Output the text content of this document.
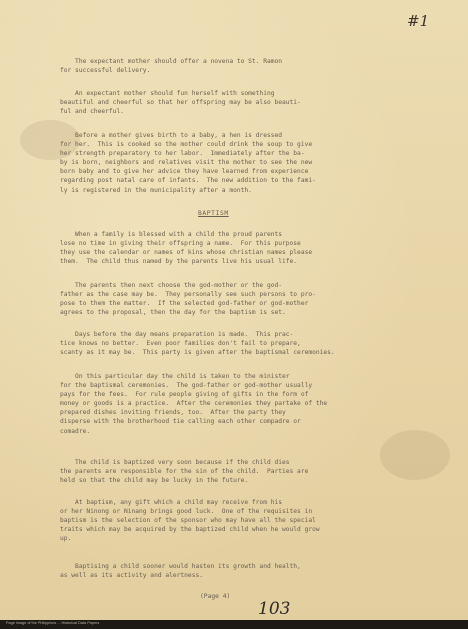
#1

The expectant mother should offer a novena to St. Ramon
for successful delivery.

An expectant mother should fun herself with something
beautiful and cheerful so that her offspring may be also beauti-
ful and cheerful.

Before a mother gives birth to a baby, a hen is dressed
for her.  This is cooked so the mother could drink the soup to give
her strength preparatory to her labor.  Immediately after the ba-
by is born, neighbors and relatives visit the mother to see the new
born baby and to give her advice they have learned from experience
regarding post natal care of infants.  The new addition to the fami-
ly is registered in the municipality after a month.

BAPTISM

When a family is blessed with a child the proud parents
lose no time in giving their offspring a name.  For this purpose
they use the calendar or names of kins whose christian names please
them.  The child thus named by the parents live his usual life.

The parents then next choose the god-mother or the god-
father as the case may be.  They personally see such persons to pro-
pose to them the matter.  If the selected god-father or god-mother
agrees to the proposal, then the day for the baptism is set.

Days before the day means preparation is made.  This prac-
tice knows no better.  Even poor families don't fail to prepare,
scanty as it may be.  This party is given after the baptismal ceremonies.

On this particular day the child is taken to the minister
for the baptismal ceremonies.  The god-father or god-mother usually
pays for the fees.  For rule people giving of gifts in the form of
money or goods is a practice.  After the ceremonies they partake of the
prepared dishes inviting friends, too.  After the party they
disperse with the brotherhood tie calling each other compadre or
comadre.

The child is baptized very soon because if the child dies
the parents are responsible for the sin of the child.  Parties are
held so that the child may be lucky in the future.

At baptism, any gift which a child may receive from his
or her Ninong or Ninang brings good luck.  One of the requisites in
baptism is the selection of the sponsor who may have all the special
traits which may be acquired by the baptized child when he would grow
up.

Baptising a child sooner would hasten its growth and health,
as well as its activity and alertness.

(Page 4)
103
Page image of the Philippines ... Historical Data Papers
